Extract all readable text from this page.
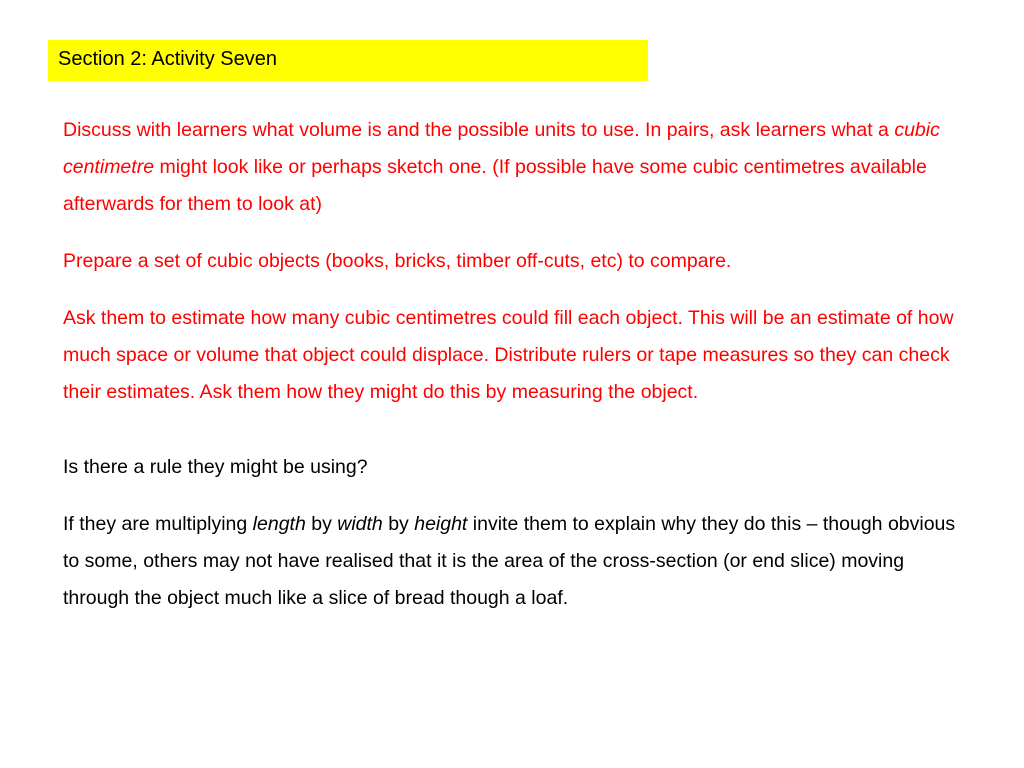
Section 2: Activity Seven

Discuss with learners what volume is and the possible units to use. In pairs, ask learners what a cubic centimetre might look like or perhaps sketch one. (If possible have some cubic centimetres available afterwards for them to look at)

Prepare a set of cubic objects (books, bricks, timber off-cuts, etc) to compare.

Ask them to estimate how many cubic centimetres could fill each object. This will be an estimate of how much space or volume that object could displace. Distribute rulers or tape measures so they can check their estimates. Ask them how they might do this by measuring the object.

Is there a rule they might be using?

If they are multiplying length by width by height invite them to explain why they do this – though obvious to some, others may not have realised that it is the area of the cross-section (or end slice) moving through the object much like a slice of bread though a loaf.
